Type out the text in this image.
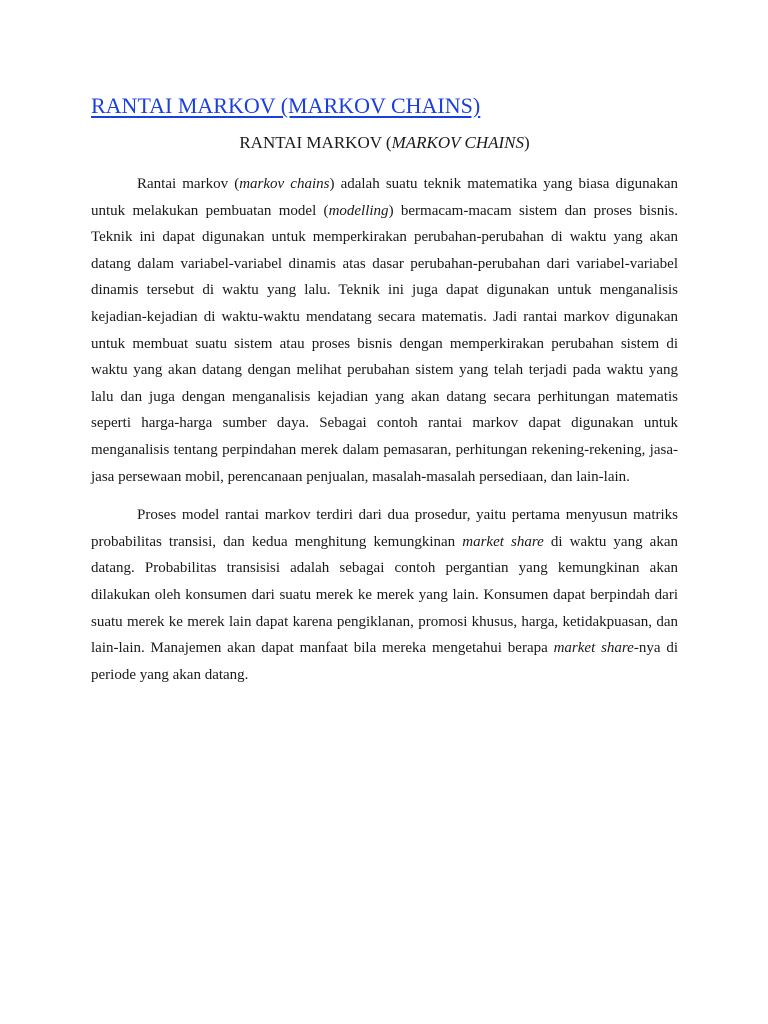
RANTAI MARKOV (MARKOV CHAINS)
RANTAI MARKOV (MARKOV CHAINS)

Rantai markov (markov chains) adalah suatu teknik matematika yang biasa digunakan untuk melakukan pembuatan model (modelling) bermacam-macam sistem dan proses bisnis. Teknik ini dapat digunakan untuk memperkirakan perubahan-perubahan di waktu yang akan datang dalam variabel-variabel dinamis atas dasar perubahan-perubahan dari variabel-variabel dinamis tersebut di waktu yang lalu. Teknik ini juga dapat digunakan untuk menganalisis kejadian-kejadian di waktu-waktu mendatang secara matematis. Jadi rantai markov digunakan untuk membuat suatu sistem atau proses bisnis dengan memperkirakan perubahan sistem di waktu yang akan datang dengan melihat perubahan sistem yang telah terjadi pada waktu yang lalu dan juga dengan menganalisis kejadian yang akan datang secara perhitungan matematis seperti harga-harga sumber daya. Sebagai contoh rantai markov dapat digunakan untuk menganalisis tentang perpindahan merek dalam pemasaran, perhitungan rekening-rekening, jasa-jasa persewaan mobil, perencanaan penjualan, masalah-masalah persediaan, dan lain-lain.

Proses model rantai markov terdiri dari dua prosedur, yaitu pertama menyusun matriks probabilitas transisi, dan kedua menghitung kemungkinan market share di waktu yang akan datang. Probabilitas transisisi adalah sebagai contoh pergantian yang kemungkinan akan dilakukan oleh konsumen dari suatu merek ke merek yang lain. Konsumen dapat berpindah dari suatu merek ke merek lain dapat karena pengiklanan, promosi khusus, harga, ketidakpuasan, dan lain-lain. Manajemen akan dapat manfaat bila mereka mengetahui berapa market share-nya di periode yang akan datang.
